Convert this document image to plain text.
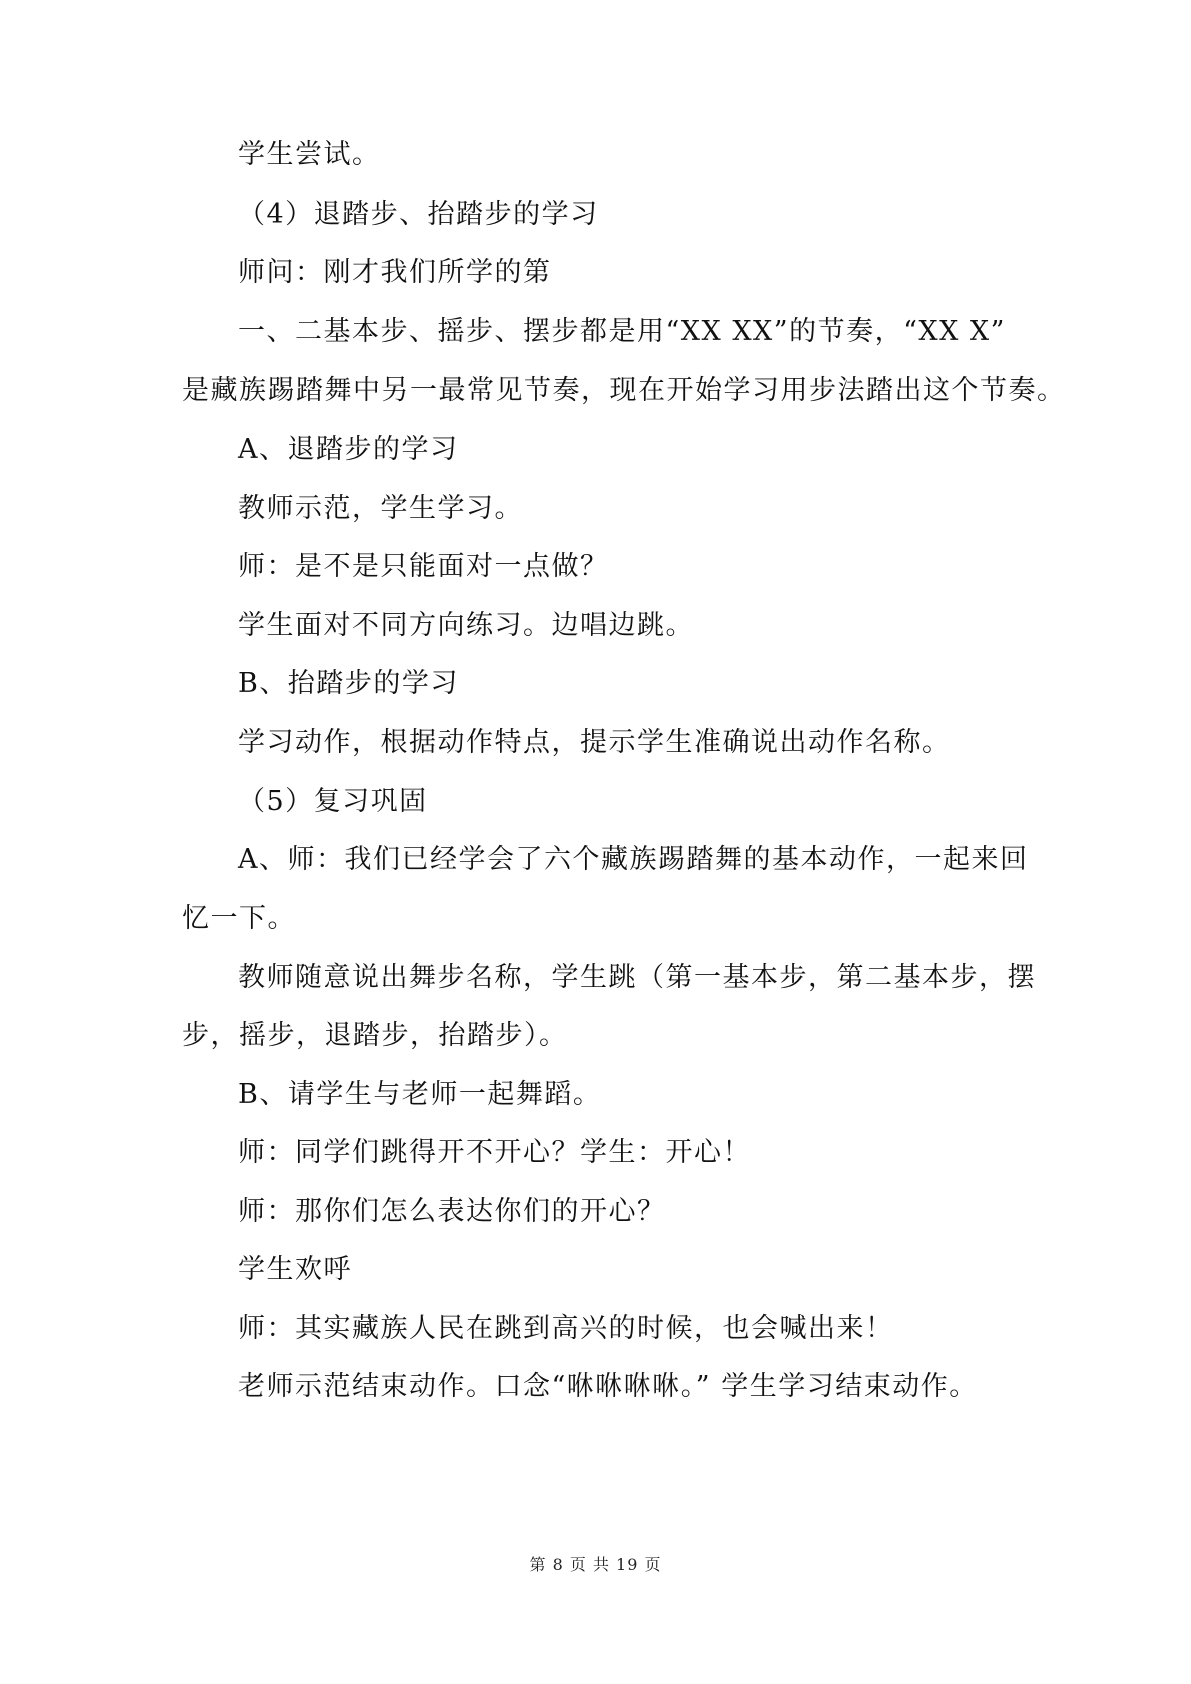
学生尝试。
（4）退踏步、抬踏步的学习
师问：刚才我们所学的第
一、二基本步、摇步、摆步都是用“XX XX”的节奏，“XX X”
是藏族踢踏舞中另一最常见节奏，现在开始学习用步法踏出这个节奏。
A、退踏步的学习
教师示范，学生学习。
师：是不是只能面对一点做？
学生面对不同方向练习。边唱边跳。
B、抬踏步的学习
学习动作，根据动作特点，提示学生准确说出动作名称。
（5）复习巩固
A、师：我们已经学会了六个藏族踢踏舞的基本动作，一起来回
忆一下。
教师随意说出舞步名称，学生跳（第一基本步，第二基本步，摆
步，摇步，退踏步，抬踏步）。
B、请学生与老师一起舞蹈。
师：同学们跳得开不开心？学生：开心！
师：那你们怎么表达你们的开心？
学生欢呼
师：其实藏族人民在跳到高兴的时候，也会喊出来！
老师示范结束动作。口念“咻咻咻咻。” 学生学习结束动作。
第 8 页 共 19 页
